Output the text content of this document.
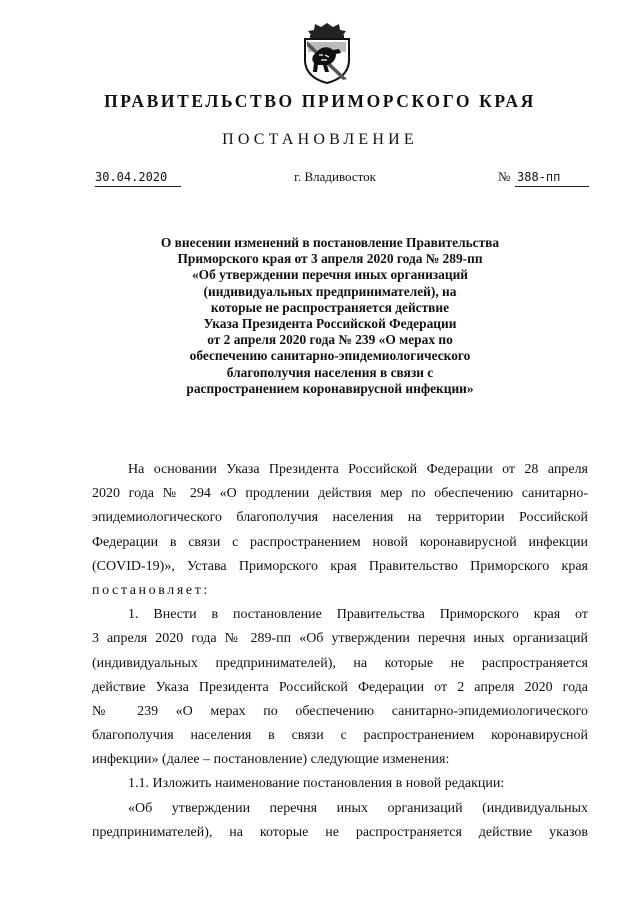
ПРАВИТЕЛЬСТВО ПРИМОРСКОГО КРАЯ
ПОСТАНОВЛЕНИЕ
30.04.2020	г. Владивосток	№ 388-пп
О внесении изменений в постановление Правительства
Приморского края от 3 апреля 2020 года № 289-пп
«Об утверждении перечня иных организаций
(индивидуальных предпринимателей), на
которые не распространяется действие
Указа Президента Российской Федерации
от 2 апреля 2020 года № 239 «О мерах по
обеспечению санитарно-эпидемиологического
благополучия населения в связи с
распространением коронавирусной инфекции»
На основании Указа Президента Российской Федерации от 28 апреля
2020 года № 294 «О продлении действия мер по обеспечению санитарно-
эпидемиологического благополучия населения на территории Российской
Федерации в связи с распространением новой коронавирусной инфекции
(COVID-19)», Устава Приморского края Правительство Приморского края
постановляет:
1. Внести в постановление Правительства Приморского края от
3 апреля 2020 года № 289-пп «Об утверждении перечня иных организаций
(индивидуальных предпринимателей), на которые не распространяется
действие Указа Президента Российской Федерации от 2 апреля 2020 года
№ 239 «О мерах по обеспечению санитарно-эпидемиологического
благополучия населения в связи с распространением коронавирусной
инфекции» (далее – постановление) следующие изменения:
1.1. Изложить наименование постановления в новой редакции:
«Об утверждении перечня иных организаций (индивидуальных
предпринимателей), на которые не распространяется действие указов
